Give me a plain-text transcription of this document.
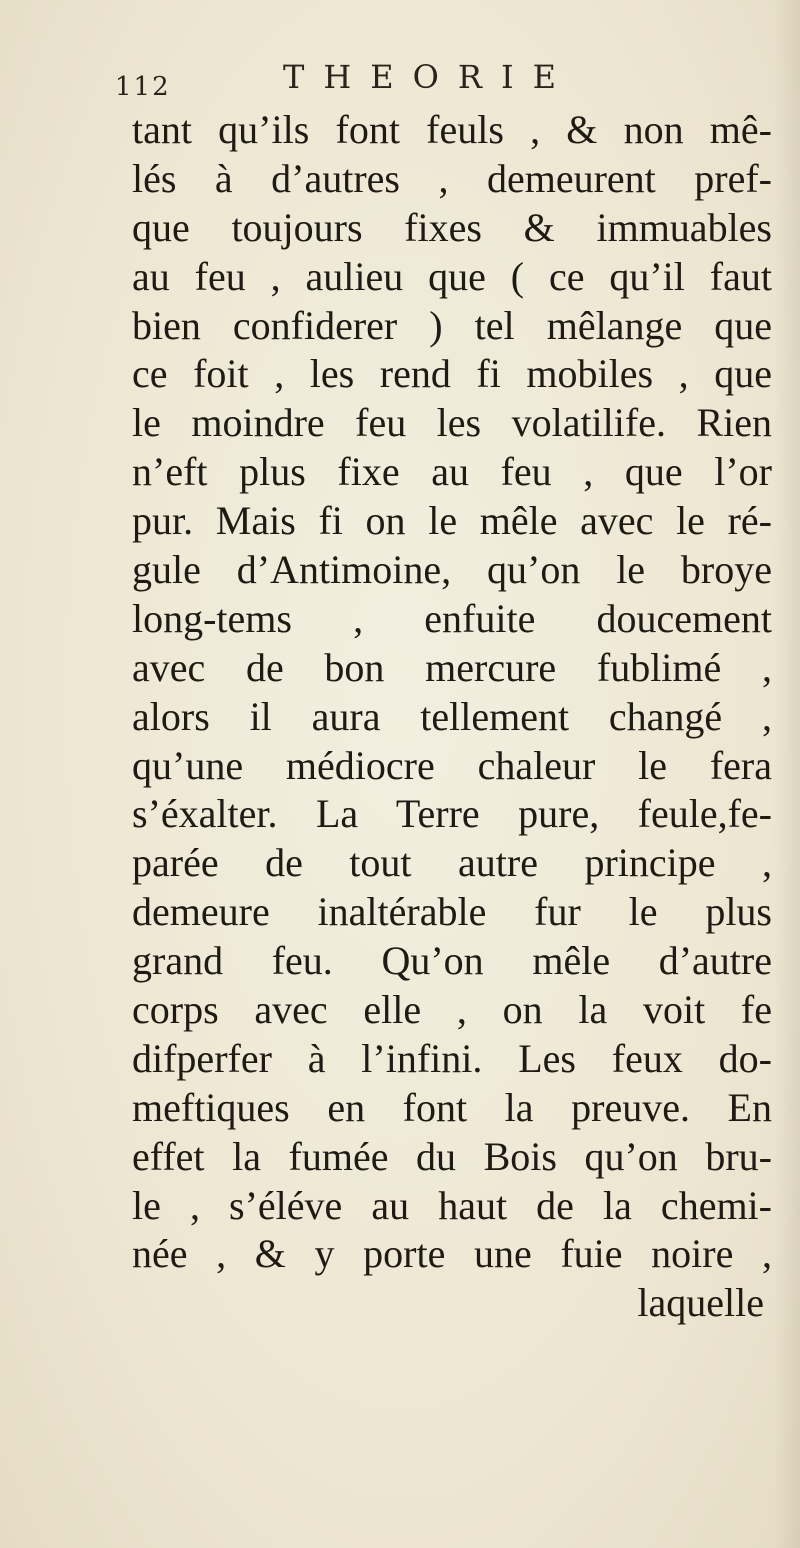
112	THEORIE
tant qu’ils font feuls , & non mê-
lés à d’autres , demeurent pref-
que toujours fixes & immuables
au feu , aulieu que ( ce qu’il faut
bien confiderer ) tel mêlange que
ce foit , les rend fi mobiles , que
le moindre feu les volatilife. Rien
n’eft plus fixe au feu , que l’or
pur. Mais fi on le mêle avec le ré-
gule d’Antimoine, qu’on le broye
long-tems , enfuite doucement
avec de bon mercure fublimé ,
alors il aura tellement changé ,
qu’une médiocre chaleur le fera
s’éxalter. La Terre pure, feule,fe-
parée de tout autre principe ,
demeure inaltérable fur le plus
grand feu. Qu’on mêle d’autre
corps avec elle , on la voit fe
difperfer à l’infini. Les feux do-
meftiques en font la preuve. En
effet la fumée du Bois qu’on bru-
le , s’éléve au haut de la chemi-
née , & y porte une fuie noire ,
laquelle
